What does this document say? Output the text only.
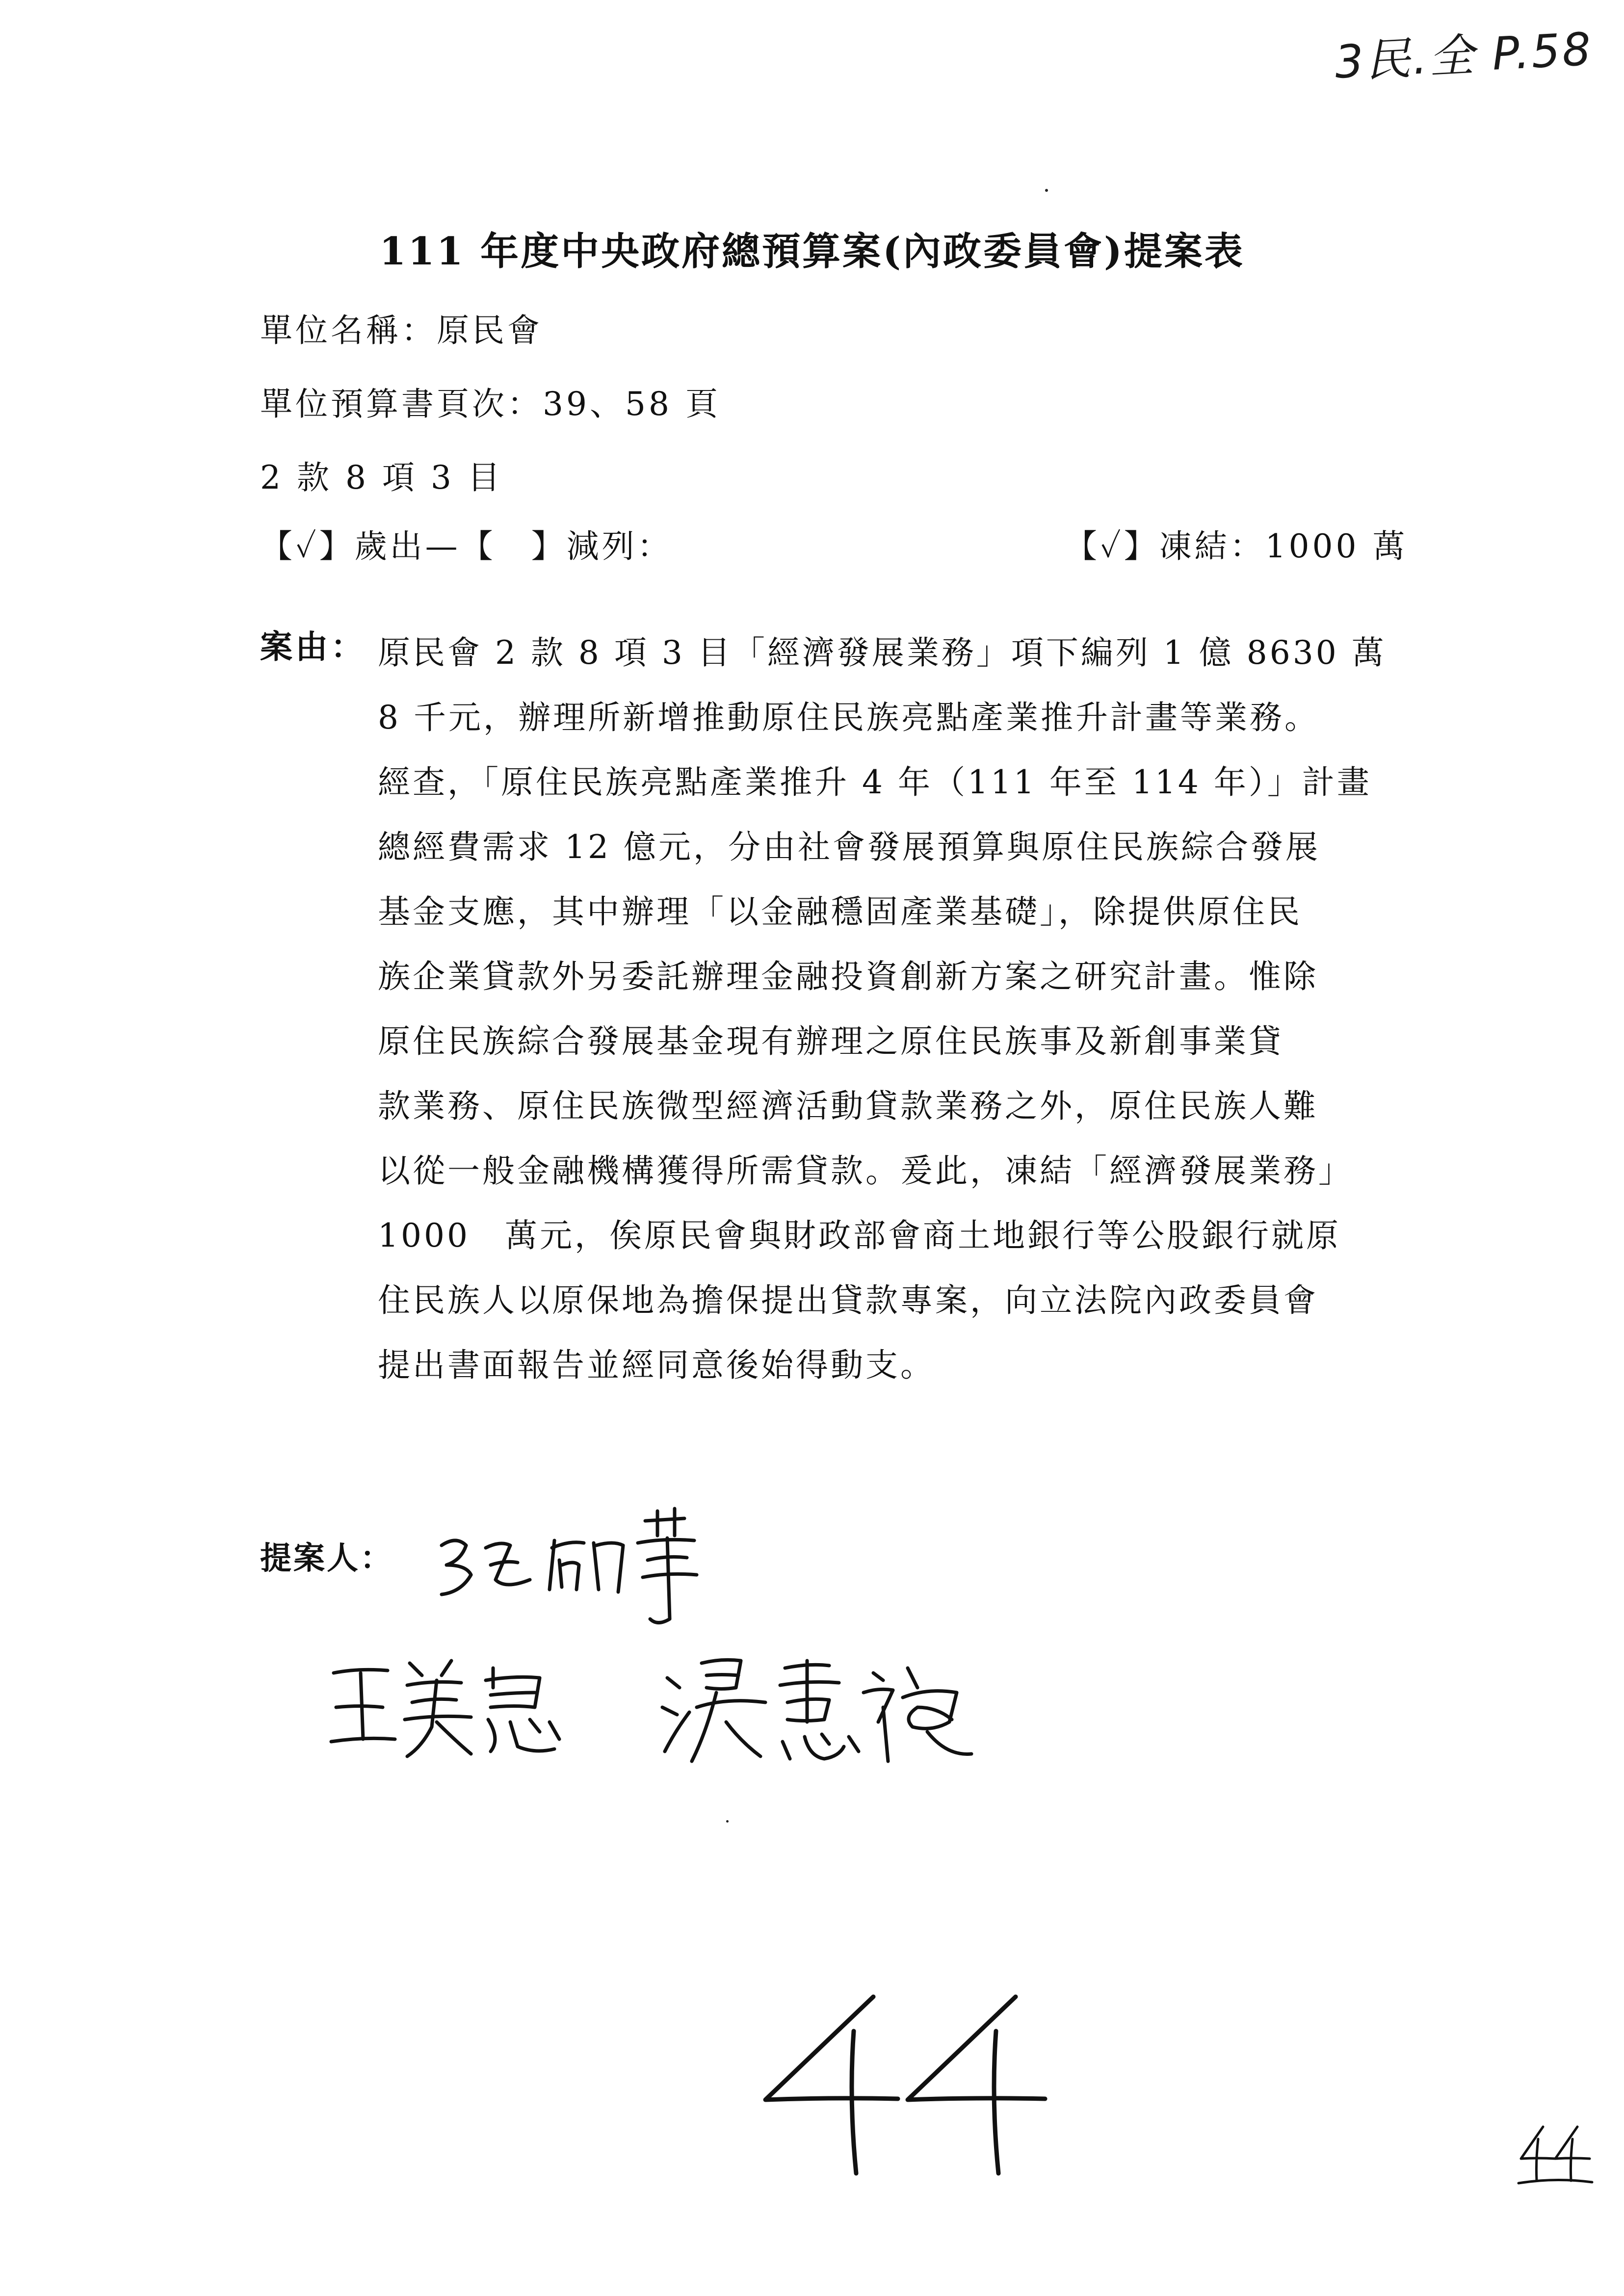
3民.全 P.58
111 年度中央政府總預算案(內政委員會)提案表
單位名稱：原民會
單位預算書頁次：39、58 頁
2 款 8 項 3 目
【✓】歲出—【　】減列：	【✓】凍結：1000 萬
案由： 原民會 2 款 8 項 3 目「經濟發展業務」項下編列 1 億 8630 萬
8 千元，辦理所新增推動原住民族亮點產業推升計畫等業務。
經查，「原住民族亮點產業推升 4 年（111 年至 114 年）」計畫
總經費需求 12 億元，分由社會發展預算與原住民族綜合發展
基金支應，其中辦理「以金融穩固產業基礎」，除提供原住民
族企業貸款外另委託辦理金融投資創新方案之研究計畫。惟除
原住民族綜合發展基金現有辦理之原住民族事及新創事業貸
款業務、原住民族微型經濟活動貸款業務之外，原住民族人難
以從一般金融機構獲得所需貸款。爰此，凍結「經濟發展業務」
1000　萬元，俟原民會與財政部會商土地銀行等公股銀行就原
住民族人以原保地為擔保提出貸款專案，向立法院內政委員會
提出書面報告並經同意後始得動支。
提案人：
